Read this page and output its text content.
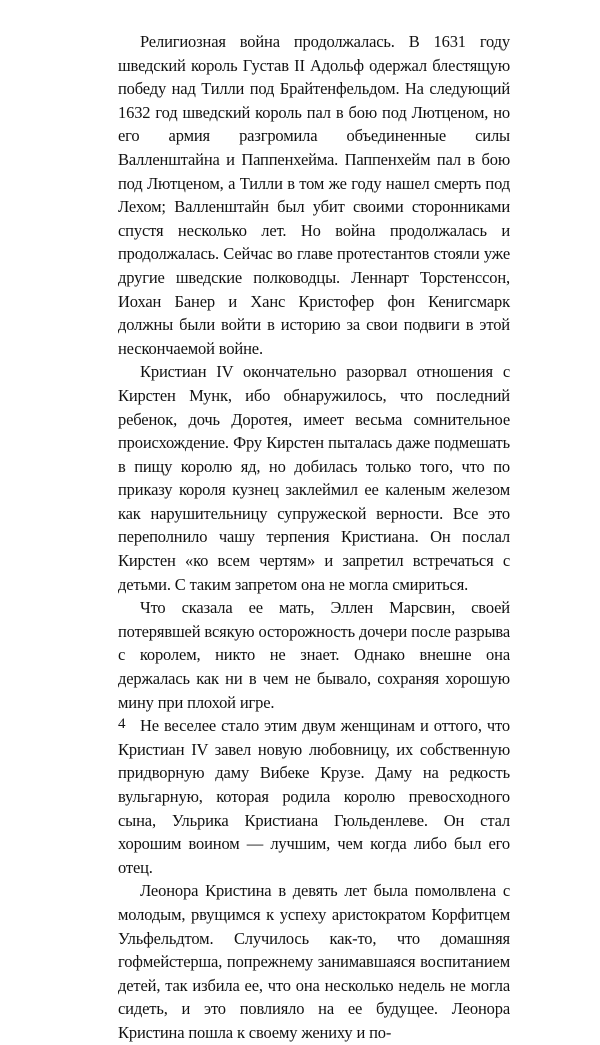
Религиозная война продолжалась. В 1631 году шведский король Густав II Адольф одержал блестящую победу над Тилли под Брайтенфельдом. На следующий 1632 год шведский король пал в бою под Лютценом, но его армия разгромила объединенные силы Валленштайна и Паппенхейма. Паппенхейм пал в бою под Лютценом, а Тилли в том же году нашел смерть под Лехом; Валленштайн был убит своими сторонниками спустя несколько лет. Но война продолжалась и продолжалась. Сейчас во главе протестантов стояли уже другие шведские полководцы. Леннарт Торстенссон, Иохан Банер и Ханс Кристофер фон Кенигсмарк должны были войти в историю за свои подвиги в этой нескончаемой войне.

Кристиан IV окончательно разорвал отношения с Кирстен Мунк, ибо обнаружилось, что последний ребенок, дочь Доротея, имеет весьма сомнительное происхождение. Фру Кирстен пыталась даже подмешать в пищу королю яд, но добилась только того, что по приказу короля кузнец заклеймил ее каленым железом как нарушительницу супружеской верности. Все это переполнило чашу терпения Кристиана. Он послал Кирстен «ко всем чертям» и запретил встречаться с детьми. С таким запретом она не могла смириться.

Что сказала ее мать, Эллен Марсвин, своей потерявшей всякую осторожность дочери после разрыва с королем, никто не знает. Однако внешне она держалась как ни в чем не бывало, сохраняя хорошую мину при плохой игре.

Не веселее стало этим двум женщинам и оттого, что Кристиан IV завел новую любовницу, их собственную придворную даму Вибеке Крузе. Даму на редкость вульгарную, которая родила королю превосходного сына, Ульрика Кристиана Гюльденлеве. Он стал хорошим воином — лучшим, чем когда либо был его отец.

Леонора Кристина в девять лет была помолвлена с молодым, рвущимся к успеху аристократом Корфитцем Ульфельдтом. Случилось как-то, что домашняя гофмейстерша, попрежнему занимавшаяся воспитанием детей, так избила ее, что она несколько недель не могла сидеть, и это повлияло на ее будущее. Леонора Кристина пошла к своему жениху и по-

4
